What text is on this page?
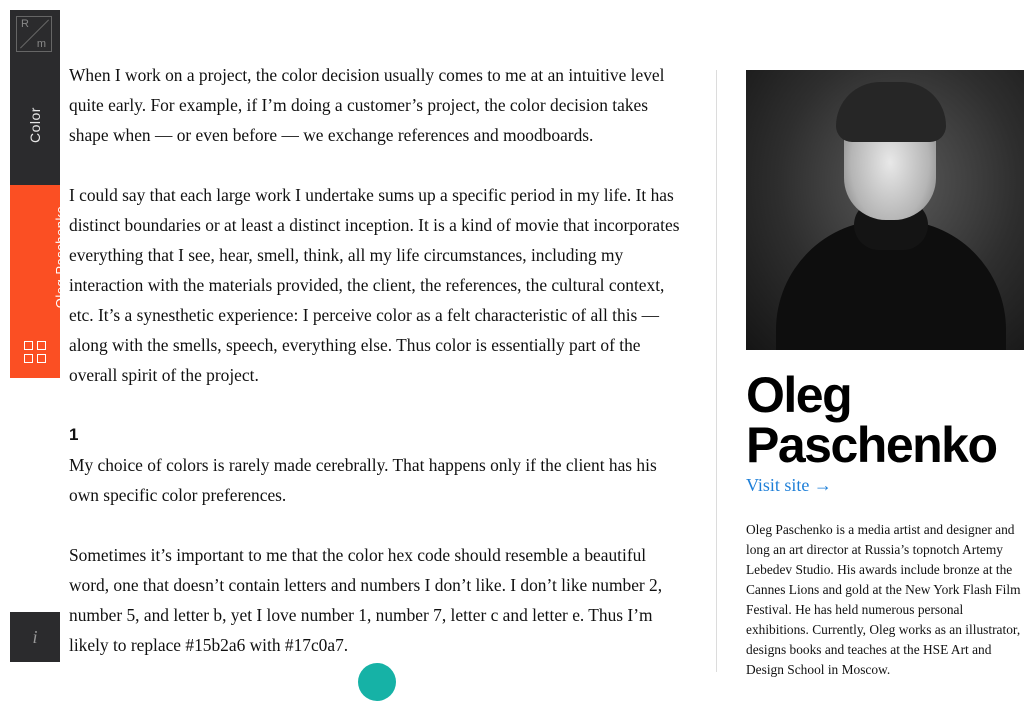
R
m
Color
Oleg Paschenko
i

When I work on a project, the color decision usually comes to me at an intuitive level quite early. For example, if I’m doing a customer’s project, the color decision takes shape when — or even before — we exchange references and moodboards.

I could say that each large work I undertake sums up a specific period in my life. It has distinct boundaries or at least a distinct inception. It is a kind of movie that incorporates everything that I see, hear, smell, think, all my life circumstances, including my interaction with the materials provided, the client, the references, the cultural context, etc. It’s a synesthetic experience: I perceive color as a felt characteristic of all this — along with the smells, speech, everything else. Thus color is essentially part of the overall spirit of the project.

1

My choice of colors is rarely made cerebrally. That happens only if the client has his own specific color preferences.

Sometimes it’s important to me that the color hex code should resemble a beautiful word, one that doesn’t contain letters and numbers I don’t like. I don’t like number 2, number 5, and letter b, yet I love number 1, number 7, letter c and letter e. Thus I’m likely to replace #15b2a6 with #17c0a7.

Oleg
Paschenko
Visit site →
Oleg Paschenko is a media artist and designer and long an art director at Russia’s topnotch Artemy Lebedev Studio. His awards include bronze at the Cannes Lions and gold at the New York Flash Film Festival. He has held numerous personal exhibitions. Currently, Oleg works as an illustrator, designs books and teaches at the HSE Art and Design School in Moscow.
